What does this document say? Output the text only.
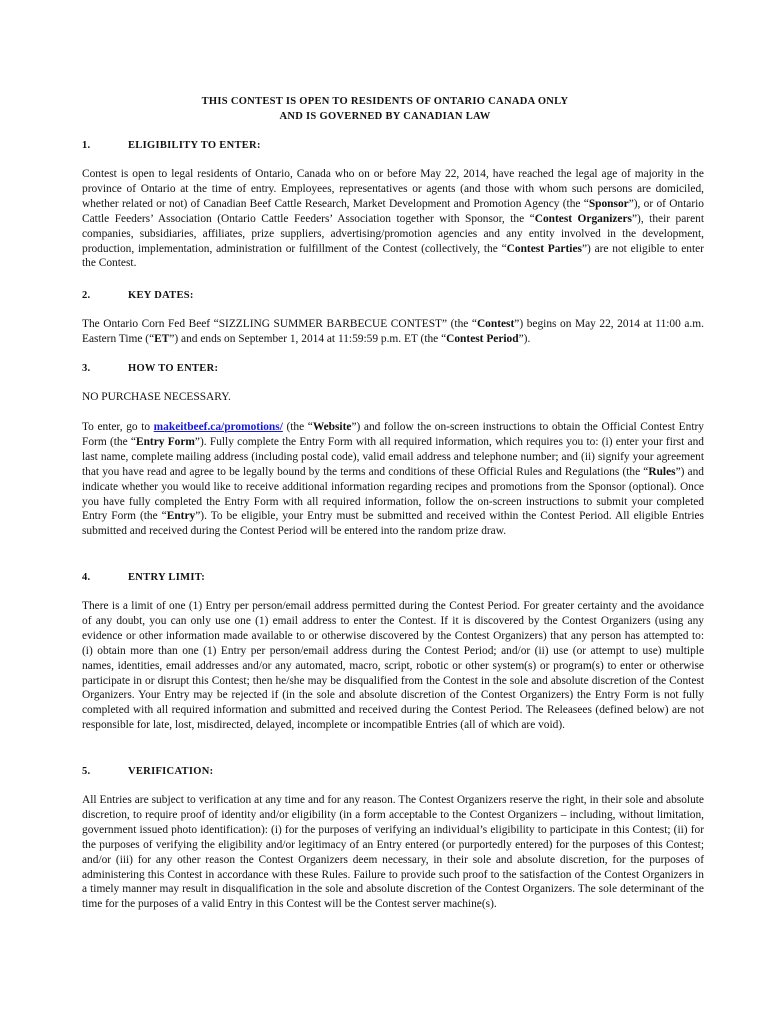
THIS CONTEST IS OPEN TO RESIDENTS OF ONTARIO CANADA ONLY
AND IS GOVERNED BY CANADIAN LAW
1.	ELIGIBILITY TO ENTER:

Contest is open to legal residents of Ontario, Canada who on or before May 22, 2014, have reached the legal age of majority in the province of Ontario at the time of entry. Employees, representatives or agents (and those with whom such persons are domiciled, whether related or not) of Canadian Beef Cattle Research, Market Development and Promotion Agency (the “Sponsor”), or of Ontario Cattle Feeders’ Association (Ontario Cattle Feeders’ Association together with Sponsor, the “Contest Organizers”), their parent companies, subsidiaries, affiliates, prize suppliers, advertising/promotion agencies and any entity involved in the development, production, implementation, administration or fulfillment of the Contest (collectively, the “Contest Parties”) are not eligible to enter the Contest.

2.	KEY DATES:

The Ontario Corn Fed Beef “SIZZLING SUMMER BARBECUE CONTEST” (the “Contest”) begins on May 22, 2014 at 11:00 a.m. Eastern Time (“ET”) and ends on September 1, 2014 at 11:59:59 p.m. ET (the “Contest Period”).

3.	HOW TO ENTER:

NO PURCHASE NECESSARY.

To enter, go to makeitbeef.ca/promotions/ (the “Website”) and follow the on-screen instructions to obtain the Official Contest Entry Form (the “Entry Form”). Fully complete the Entry Form with all required information, which requires you to: (i) enter your first and last name, complete mailing address (including postal code), valid email address and telephone number; and (ii) signify your agreement that you have read and agree to be legally bound by the terms and conditions of these Official Rules and Regulations (the “Rules”) and indicate whether you would like to receive additional information regarding recipes and promotions from the Sponsor (optional). Once you have fully completed the Entry Form with all required information, follow the on-screen instructions to submit your completed Entry Form (the “Entry”). To be eligible, your Entry must be submitted and received within the Contest Period. All eligible Entries submitted and received during the Contest Period will be entered into the random prize draw.

4.	ENTRY LIMIT:

There is a limit of one (1) Entry per person/email address permitted during the Contest Period. For greater certainty and the avoidance of any doubt, you can only use one (1) email address to enter the Contest. If it is discovered by the Contest Organizers (using any evidence or other information made available to or otherwise discovered by the Contest Organizers) that any person has attempted to: (i) obtain more than one (1) Entry per person/email address during the Contest Period; and/or (ii) use (or attempt to use) multiple names, identities, email addresses and/or any automated, macro, script, robotic or other system(s) or program(s) to enter or otherwise participate in or disrupt this Contest; then he/she may be disqualified from the Contest in the sole and absolute discretion of the Contest Organizers. Your Entry may be rejected if (in the sole and absolute discretion of the Contest Organizers) the Entry Form is not fully completed with all required information and submitted and received during the Contest Period. The Releasees (defined below) are not responsible for late, lost, misdirected, delayed, incomplete or incompatible Entries (all of which are void).

5.	VERIFICATION:

All Entries are subject to verification at any time and for any reason. The Contest Organizers reserve the right, in their sole and absolute discretion, to require proof of identity and/or eligibility (in a form acceptable to the Contest Organizers – including, without limitation, government issued photo identification): (i) for the purposes of verifying an individual’s eligibility to participate in this Contest; (ii) for the purposes of verifying the eligibility and/or legitimacy of an Entry entered (or purportedly entered) for the purposes of this Contest; and/or (iii) for any other reason the Contest Organizers deem necessary, in their sole and absolute discretion, for the purposes of administering this Contest in accordance with these Rules. Failure to provide such proof to the satisfaction of the Contest Organizers in a timely manner may result in disqualification in the sole and absolute discretion of the Contest Organizers. The sole determinant of the time for the purposes of a valid Entry in this Contest will be the Contest server machine(s).
